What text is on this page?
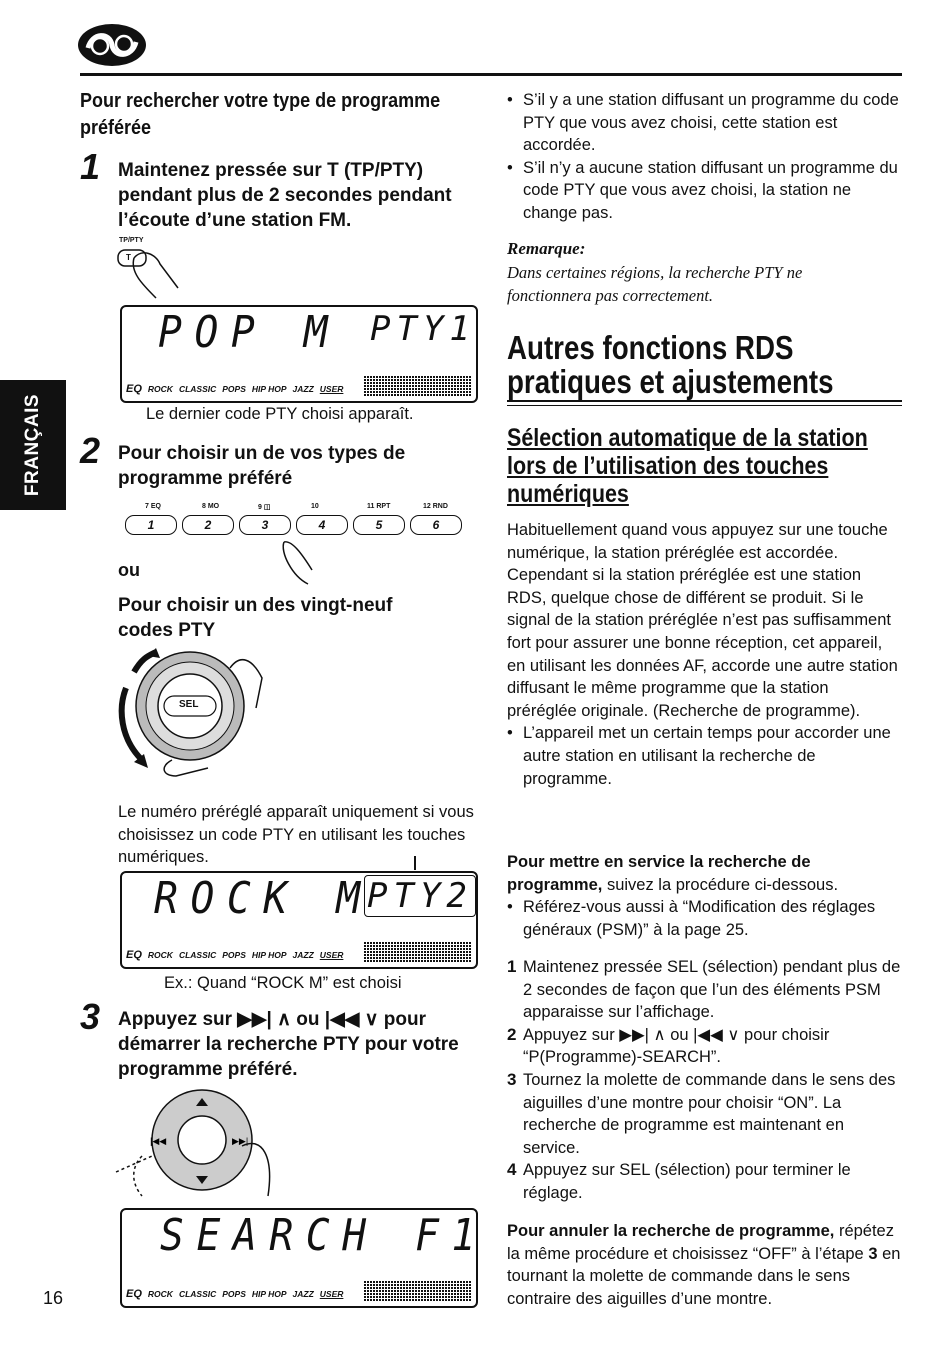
FRANÇAIS
16
Pour rechercher votre type de programme préférée
1 Maintenez pressée sur T (TP/PTY) pendant plus de 2 secondes pendant l’écoute d’une station FM.
TP/PTY
T
POP M PTY1
EQ ROCK CLASSIC POPS HIP HOP JAZZ USER
Le dernier code PTY choisi apparaît.
2 Pour choisir un de vos types de programme préféré
7 EQ
1
8 MO
2
9 ◫
3
10
4
11 RPT
5
12 RND
6
ou
Pour choisir un des vingt-neuf codes PTY
SEL
Le numéro préréglé apparaît uniquement si vous choisissez un code PTY en utilisant les touches numériques.
ROCK M
PTY2
EQ ROCK CLASSIC POPS HIP HOP JAZZ USER
Ex.: Quand “ROCK M” est choisi
3 Appuyez sur ▶▶| ∧ ou |◀◀ ∨ pour démarrer la recherche PTY pour votre programme préféré.
|◀◀	▶▶|
SEARCH F1
EQ ROCK CLASSIC POPS HIP HOP JAZZ USER
• S’il y a une station diffusant un programme du code PTY que vous avez choisi, cette station est accordée.
• S’il n’y a aucune station diffusant un programme du code PTY que vous avez choisi, la station ne change pas.
Remarque:
Dans certaines régions, la recherche PTY ne fonctionnera pas correctement.
Autres fonctions RDS
pratiques et ajustements
Sélection automatique de la station
lors de l’utilisation des touches
numériques
Habituellement quand vous appuyez sur une touche numérique, la station préréglée est accordée.
Cependant si la station préréglée est une station RDS, quelque chose de différent se produit. Si le signal de la station préréglée n’est pas suffisamment fort pour assurer une bonne réception, cet appareil, en utilisant les données AF, accorde une autre station diffusant le même programme que la station préréglée originale. (Recherche de programme).
• L’appareil met un certain temps pour accorder une autre station en utilisant la recherche de programme.
Pour mettre en service la recherche de programme, suivez la procédure ci-dessous.
• Référez-vous aussi à “Modification des réglages généraux (PSM)” à la page 25.
1 Maintenez pressée SEL (sélection) pendant plus de 2 secondes de façon que l’un des éléments PSM apparaisse sur l’affichage.
2 Appuyez sur ▶▶| ∧ ou |◀◀ ∨ pour choisir “P(Programme)-SEARCH”.
3 Tournez la molette de commande dans le sens des aiguilles d’une montre pour choisir “ON”. La recherche de programme est maintenant en service.
4 Appuyez sur SEL (sélection) pour terminer le réglage.
Pour annuler la recherche de programme, répétez la même procédure et choisissez “OFF” à l’étape 3 en tournant la molette de commande dans le sens contraire des aiguilles d’une montre.
